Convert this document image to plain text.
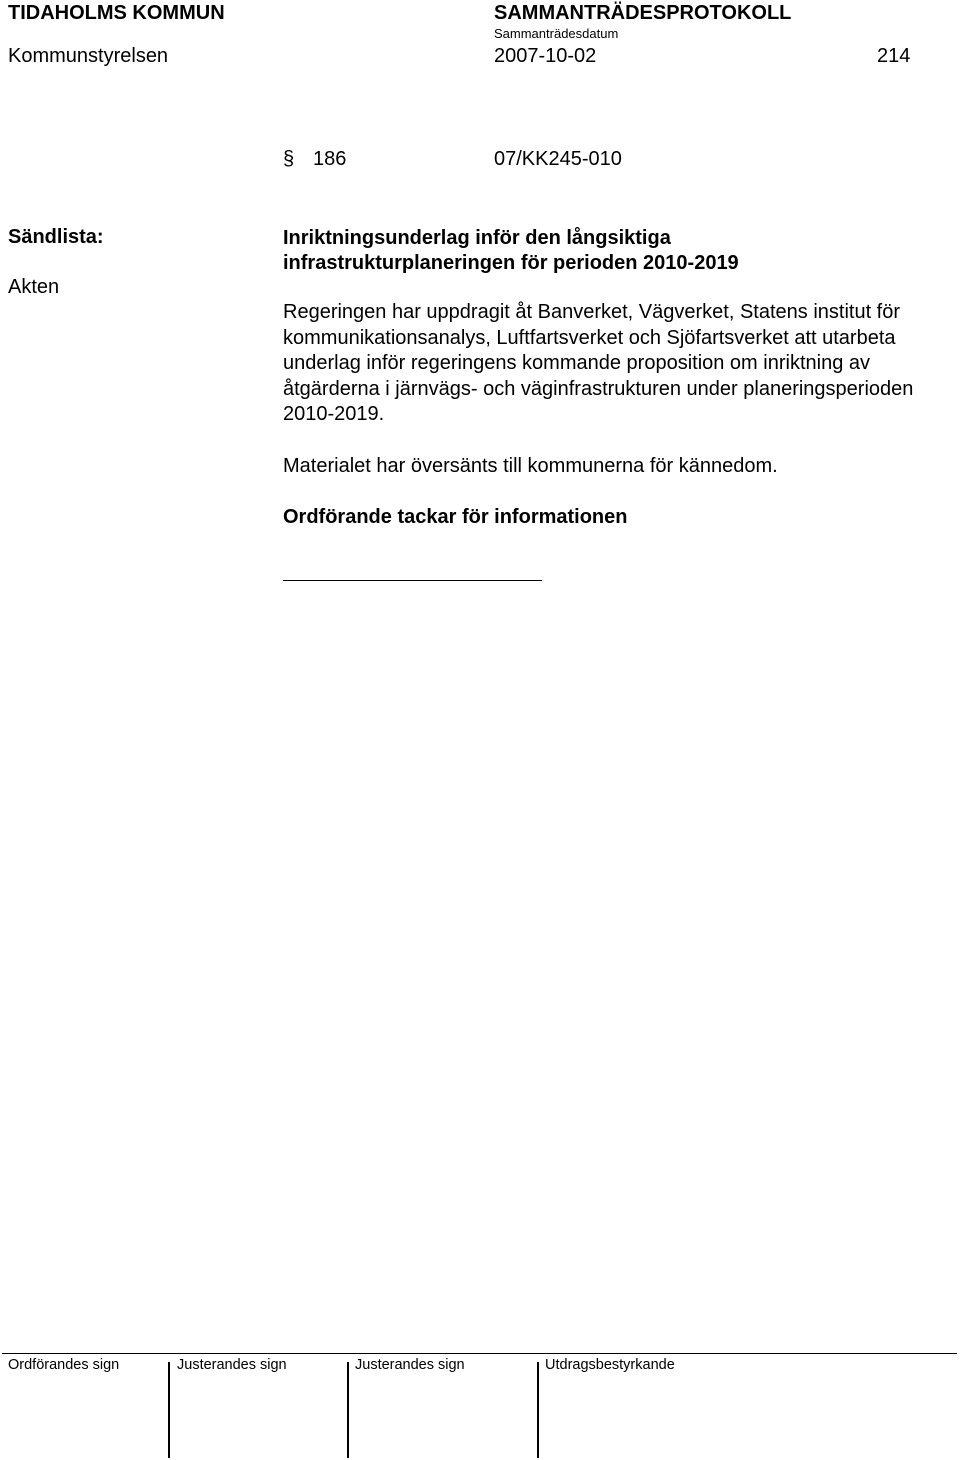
TIDAHOLMS KOMMUN	SAMMANTRÄDESPROTOKOLL
Sammanträdesdatum
Kommunstyrelsen	2007-10-02	214
§ 186	07/KK245-010
Sändlista:
Akten
Inriktningsunderlag inför den långsiktiga
infrastrukturplaneringen för perioden 2010-2019
Regeringen har uppdragit åt Banverket, Vägverket, Statens institut för kommunikationsanalys, Luftfartsverket och Sjöfartsverket att utarbeta underlag inför regeringens kommande proposition om inriktning av åtgärderna i järnvägs- och väginfrastrukturen under planeringsperioden 2010-2019.
Materialet har översänts till kommunerna för kännedom.
Ordförande tackar för informationen
Ordförandes sign	Justerandes sign	Justerandes sign	Utdragsbestyrkande
